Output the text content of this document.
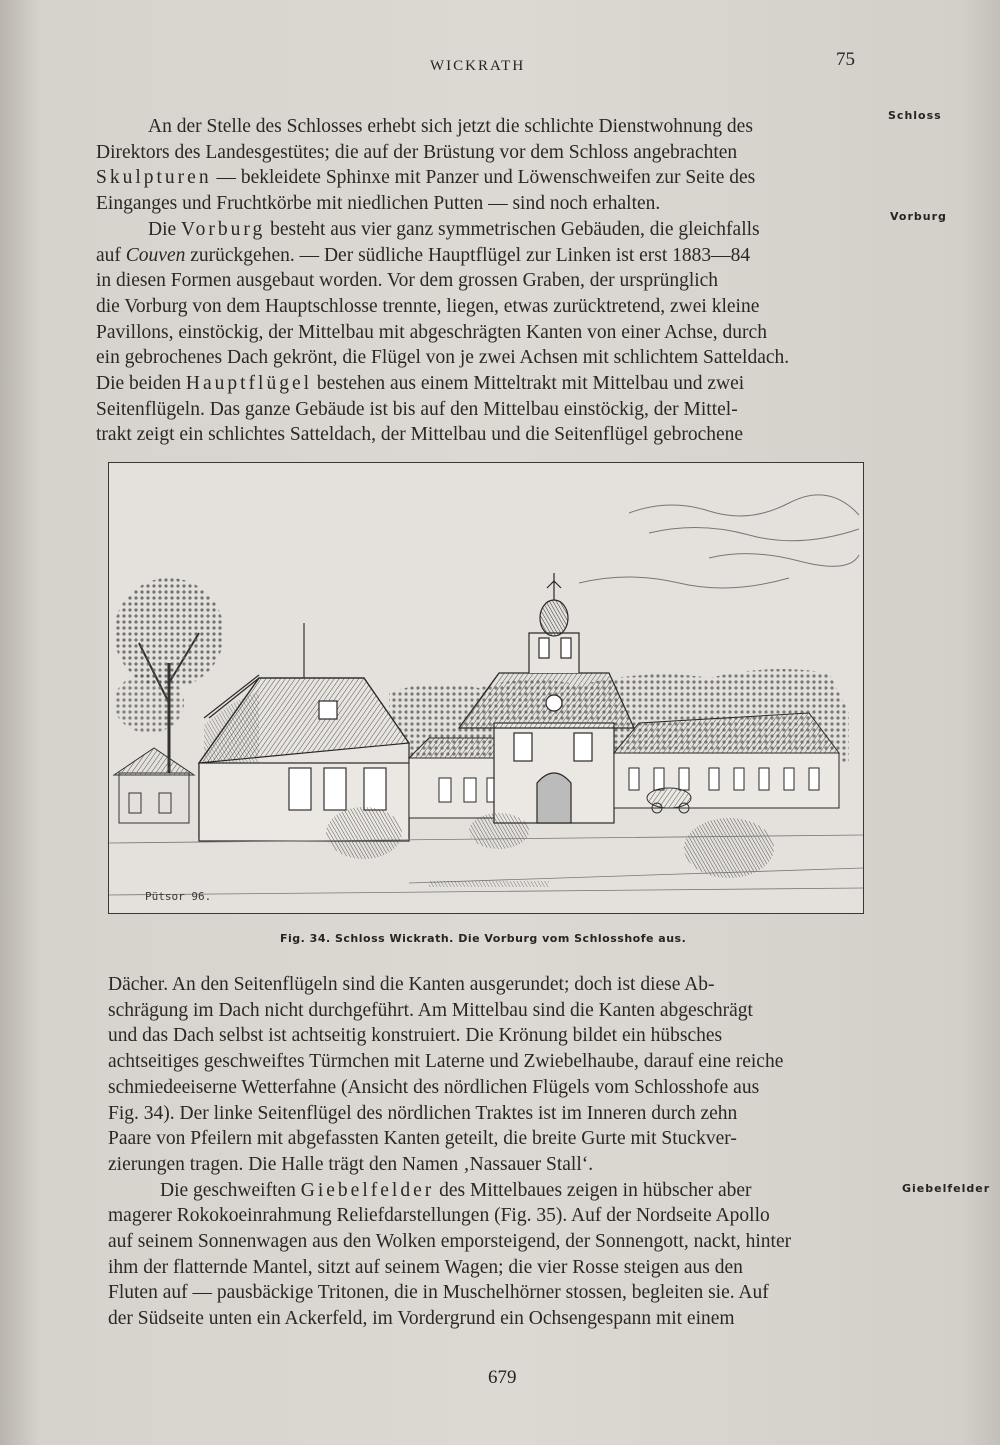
WICKRATH	75
Schloss
Vorburg
Giebelfelder
An der Stelle des Schlosses erhebt sich jetzt die schlichte Dienstwohnung des
Direktors des Landesgestütes; die auf der Brüstung vor dem Schloss angebrachten
Skulpturen — bekleidete Sphinxe mit Panzer und Löwenschweifen zur Seite des
Einganges und Fruchtkörbe mit niedlichen Putten — sind noch erhalten.
Die Vorburg besteht aus vier ganz symmetrischen Gebäuden, die gleichfalls
auf Couven zurückgehen. — Der südliche Hauptflügel zur Linken ist erst 1883—84
in diesen Formen ausgebaut worden. Vor dem grossen Graben, der ursprünglich
die Vorburg von dem Hauptschlosse trennte, liegen, etwas zurücktretend, zwei kleine
Pavillons, einstöckig, der Mittelbau mit abgeschrägten Kanten von einer Achse, durch
ein gebrochenes Dach gekrönt, die Flügel von je zwei Achsen mit schlichtem Satteldach.
Die beiden Hauptflügel bestehen aus einem Mitteltrakt mit Mittelbau und zwei
Seitenflügeln. Das ganze Gebäude ist bis auf den Mittelbau einstöckig, der Mittel-
trakt zeigt ein schlichtes Satteldach, der Mittelbau und die Seitenflügel gebrochene
Pütsor 96.
Fig. 34. Schloss Wickrath. Die Vorburg vom Schlosshofe aus.
Dächer. An den Seitenflügeln sind die Kanten ausgerundet; doch ist diese Ab-
schrägung im Dach nicht durchgeführt. Am Mittelbau sind die Kanten abgeschrägt
und das Dach selbst ist achtseitig konstruiert. Die Krönung bildet ein hübsches
achtseitiges geschweiftes Türmchen mit Laterne und Zwiebelhaube, darauf eine reiche
schmiedeeiserne Wetterfahne (Ansicht des nördlichen Flügels vom Schlosshofe aus
Fig. 34). Der linke Seitenflügel des nördlichen Traktes ist im Inneren durch zehn
Paare von Pfeilern mit abgefassten Kanten geteilt, die breite Gurte mit Stuckver-
zierungen tragen. Die Halle trägt den Namen ‚Nassauer Stall‘.
Die geschweiften Giebelfelder des Mittelbaues zeigen in hübscher aber
magerer Rokokoeinrahmung Reliefdarstellungen (Fig. 35). Auf der Nordseite Apollo
auf seinem Sonnenwagen aus den Wolken emporsteigend, der Sonnengott, nackt, hinter
ihm der flatternde Mantel, sitzt auf seinem Wagen; die vier Rosse steigen aus den
Fluten auf — pausbäckige Tritonen, die in Muschelhörner stossen, begleiten sie. Auf
der Südseite unten ein Ackerfeld, im Vordergrund ein Ochsengespann mit einem
679
